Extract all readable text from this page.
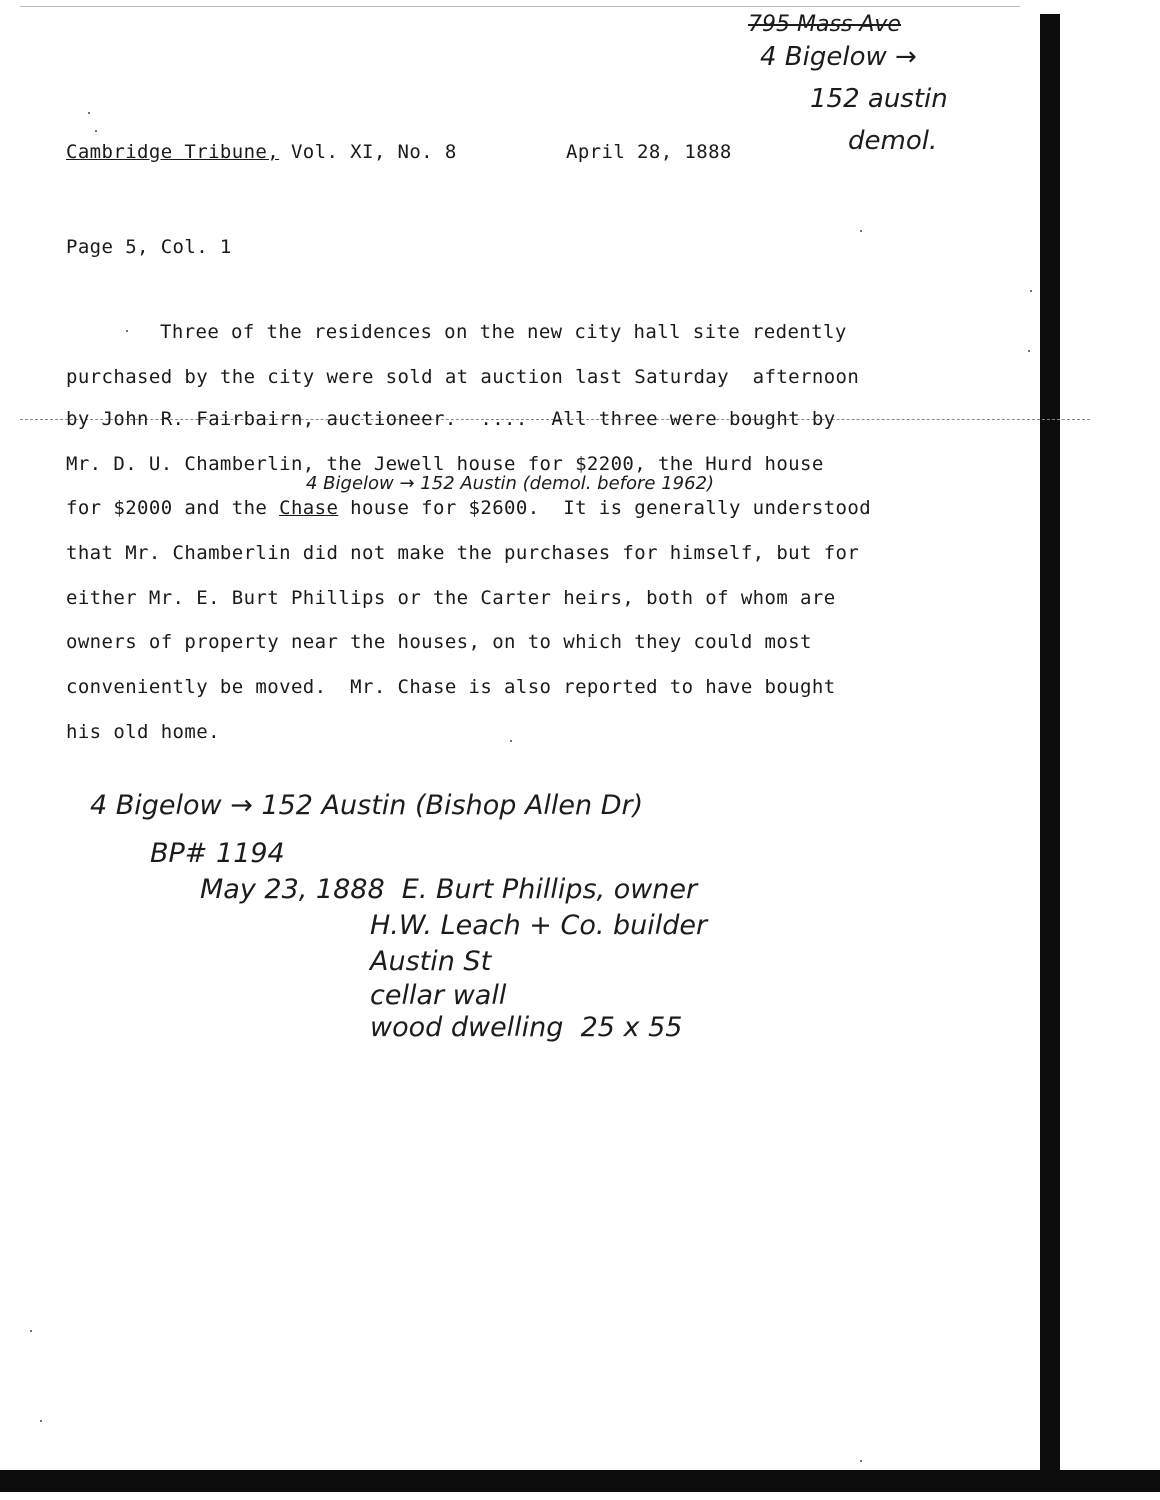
795 Mass Ave
4 Bigelow →
152 austin
demol.
Cambridge Tribune, Vol. XI, No. 8	April 28, 1888
Page 5, Col. 1
Three of the residences on the new city hall site redently
purchased by the city were sold at auction last Saturday  afternoon
by John R. Fairbairn, auctioneer.  ....  All three were bought by
Mr. D. U. Chamberlin, the Jewell house for $2200, the Hurd house
4 Bigelow → 152 Austin (demol. before 1962)
for $2000 and the Chase house for $2600.  It is generally understood
that Mr. Chamberlin did not make the purchases for himself, but for
either Mr. E. Burt Phillips or the Carter heirs, both of whom are
owners of property near the houses, on to which they could most
conveniently be moved.  Mr. Chase is also reported to have bought
his old home.
4 Bigelow → 152 Austin (Bishop Allen Dr)
BP# 1194
May 23, 1888  E. Burt Phillips, owner
H.W. Leach + Co. builder
Austin St
cellar wall
wood dwelling  25 x 55
